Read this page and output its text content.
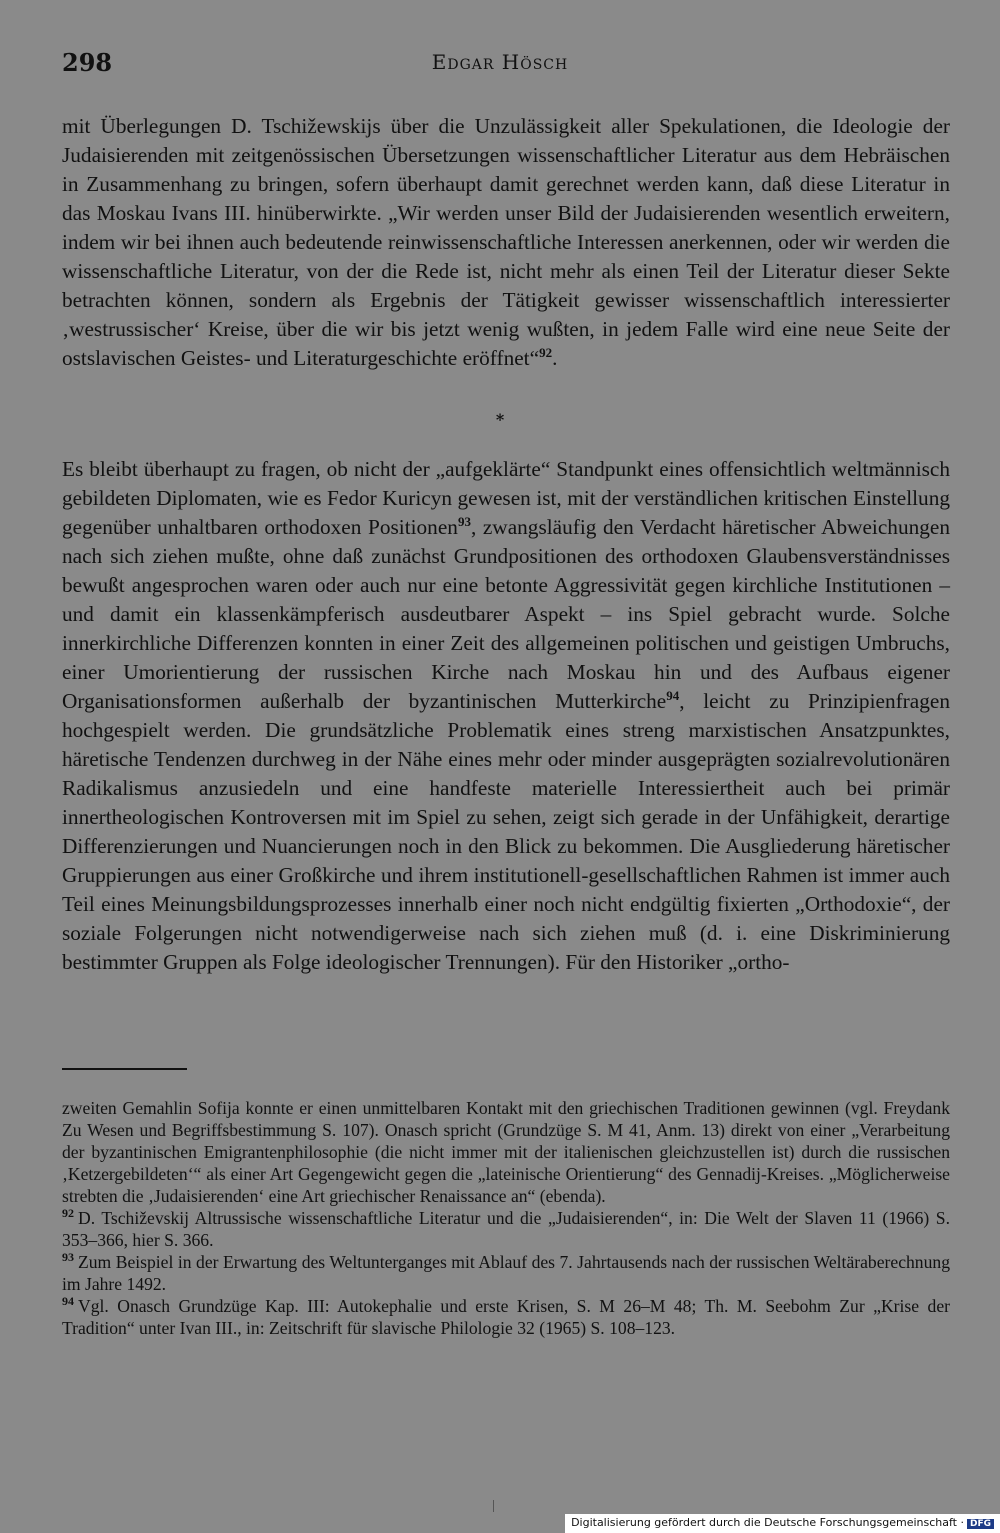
298	Edgar Hösch

mit Überlegungen D. Tschižewskijs über die Unzulässigkeit aller Spekulationen, die Ideologie der Judaisierenden mit zeitgenössischen Übersetzungen wissenschaftlicher Literatur aus dem Hebräischen in Zusammenhang zu bringen, sofern überhaupt damit gerechnet werden kann, daß diese Literatur in das Moskau Ivans III. hinüberwirkte. „Wir werden unser Bild der Judaisierenden wesentlich erweitern, indem wir bei ihnen auch bedeutende reinwissenschaftliche Interessen anerkennen, oder wir werden die wissenschaftliche Literatur, von der die Rede ist, nicht mehr als einen Teil der Literatur dieser Sekte betrachten können, sondern als Ergebnis der Tätigkeit gewisser wissenschaftlich interessierter ‚westrussischer‘ Kreise, über die wir bis jetzt wenig wußten, in jedem Falle wird eine neue Seite der ostslavischen Geistes- und Literaturgeschichte eröffnet“$^{92}$.

*

Es bleibt überhaupt zu fragen, ob nicht der „aufgeklärte“ Standpunkt eines offensichtlich weltmännisch gebildeten Diplomaten, wie es Fedor Kuricyn gewesen ist, mit der verständlichen kritischen Einstellung gegenüber unhaltbaren orthodoxen Positionen$^{93}$, zwangsläufig den Verdacht häretischer Abweichungen nach sich ziehen mußte, ohne daß zunächst Grundpositionen des orthodoxen Glaubensverständnisses bewußt angesprochen waren oder auch nur eine betonte Aggressivität gegen kirchliche Institutionen – und damit ein klassenkämpferisch ausdeutbarer Aspekt – ins Spiel gebracht wurde. Solche innerkirchliche Differenzen konnten in einer Zeit des allgemeinen politischen und geistigen Umbruchs, einer Umorientierung der russischen Kirche nach Moskau hin und des Aufbaus eigener Organisationsformen außerhalb der byzantinischen Mutterkirche$^{94}$, leicht zu Prinzipienfragen hochgespielt werden. Die grundsätzliche Problematik eines streng marxistischen Ansatzpunktes, häretische Tendenzen durchweg in der Nähe eines mehr oder minder ausgeprägten sozialrevolutionären Radikalismus anzusiedeln und eine handfeste materielle Interessiertheit auch bei primär innertheologischen Kontroversen mit im Spiel zu sehen, zeigt sich gerade in der Unfähigkeit, derartige Differenzierungen und Nuancierungen noch in den Blick zu bekommen. Die Ausgliederung häretischer Gruppierungen aus einer Großkirche und ihrem institutionell-gesellschaftlichen Rahmen ist immer auch Teil eines Meinungsbildungsprozesses innerhalb einer noch nicht endgültig fixierten „Orthodoxie“, der soziale Folgerungen nicht notwendigerweise nach sich ziehen muß (d. i. eine Diskriminierung bestimmter Gruppen als Folge ideologischer Trennungen). Für den Historiker „ortho-

zweiten Gemahlin Sofija konnte er einen unmittelbaren Kontakt mit den griechischen Traditionen gewinnen (vgl. Freydank Zu Wesen und Begriffsbestimmung S. 107). Onasch spricht (Grundzüge S. M 41, Anm. 13) direkt von einer „Verarbeitung der byzantinischen Emigrantenphilosophie (die nicht immer mit der italienischen gleichzustellen ist) durch die russischen ‚Ketzergebildeten‘“ als einer Art Gegengewicht gegen die „lateinische Orientierung“ des Gennadij-Kreises. „Möglicherweise strebten die ‚Judaisierenden‘ eine Art griechischer Renaissance an“ (ebenda).

$^{92}$ D. Tschiževskij Altrussische wissenschaftliche Literatur und die „Judaisierenden“, in: Die Welt der Slaven 11 (1966) S. 353–366, hier S. 366.

$^{93}$ Zum Beispiel in der Erwartung des Weltunterganges mit Ablauf des 7. Jahrtausends nach der russischen Weltärabereсhnung im Jahre 1492.

$^{94}$ Vgl. Onasch Grundzüge Kap. III: Autokephalie und erste Krisen, S. M 26–M 48; Th. M. Seebohm Zur „Krise der Tradition“ unter Ivan III., in: Zeitschrift für slavische Philologie 32 (1965) S. 108–123.

Digitalisierung gefördert durch die Deutsche Forschungsgemeinschaft · DFG
